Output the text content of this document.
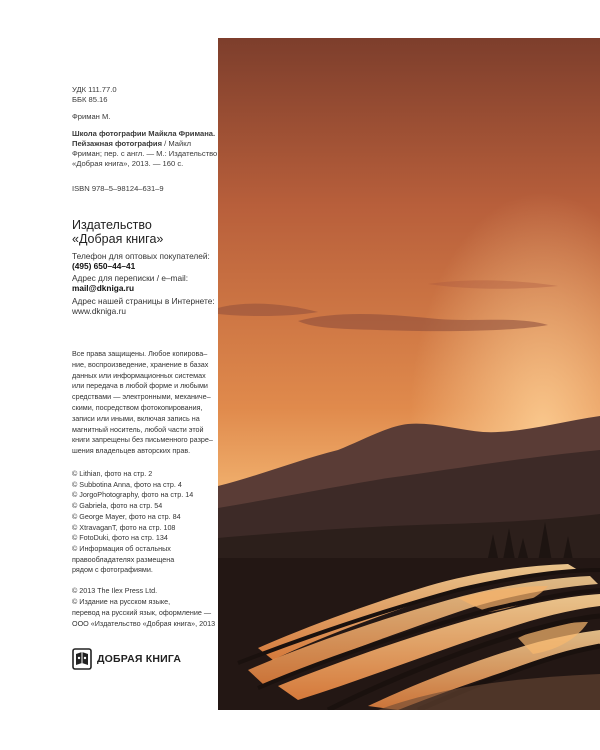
УДК 111.77.0
ББК 85.16
Фриман М.
Школа фотографии Майкла Фримана.
Пейзажная фотография / Майкл
Фриман; пер. с англ. — М.: Издательство
«Добрая книга», 2013. — 160 с.
ISBN 978–5–98124–631–9
Издательство
«Добрая книга»
Телефон для оптовых покупателей:
(495) 650–44–41
Адрес для переписки / e–mail:
mail@dkniga.ru
Адрес нашей страницы в Интернете:
www.dkniga.ru
Все права защищены. Любое копирова–
ние, воспроизведение, хранение в базах
данных или информационных системах
или передача в любой форме и любыми
средствами — электронными, механиче–
скими, посредством фотокопирования,
записи или иными, включая запись на
магнитный носитель, любой части этой
книги запрещены без письменного разре–
шения владельцев авторских прав.
© Lithian, фото на стр. 2
© Subbotina Anna, фото на стр. 4
© JorgoPhotography, фото на стр. 14
© Gabriela, фото на стр. 54
© George Mayer, фото на стр. 84
© XtravaganT, фото на стр. 108
© FotoDuki, фото на стр. 134
© Информация об остальных
правообладателях размещена
рядом с фотографиями.
© 2013 The Ilex Press Ltd.
© Издание на русском языке,
перевод на русский язык, оформление —
ООО «Издательство «Добрая книга», 2013
ДОБРАЯ КНИГА
